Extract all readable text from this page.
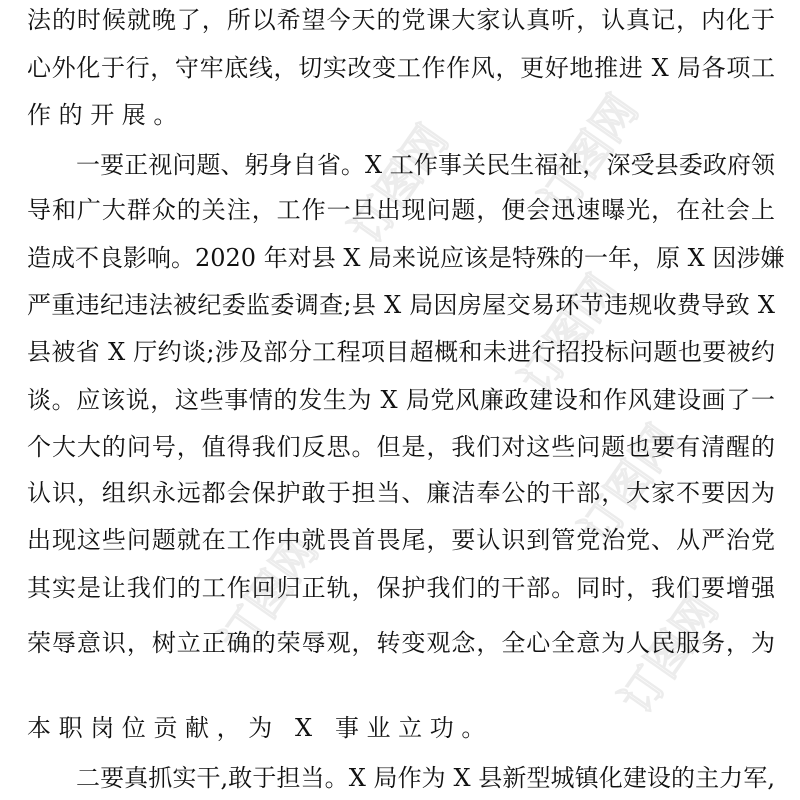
订图网 订图网
订图网
订图网
订图网	订图网
法的时候就晚了，所以希望今天的党课大家认真听，认真记，内化于
心外化于行，守牢底线，切实改变工作作风，更好地推进 X 局各项工
作的开展。
一要正视问题、躬身自省。X 工作事关民生福祉，深受县委政府领
导和广大群众的关注，工作一旦出现问题，便会迅速曝光，在社会上
造成不良影响。2020 年对县 X 局来说应该是特殊的一年，原 X 因涉嫌
严重违纪违法被纪委监委调查;县 X 局因房屋交易环节违规收费导致 X
县被省 X 厅约谈;涉及部分工程项目超概和未进行招投标问题也要被约
谈。应该说，这些事情的发生为 X 局党风廉政建设和作风建设画了一
个大大的问号，值得我们反思。但是，我们对这些问题也要有清醒的
认识，组织永远都会保护敢于担当、廉洁奉公的干部，大家不要因为
出现这些问题就在工作中就畏首畏尾，要认识到管党治党、从严治党
其实是让我们的工作回归正轨，保护我们的干部。同时，我们要增强
荣辱意识，树立正确的荣辱观，转变观念，全心全意为人民服务，为
本职岗位贡献，为 X 事业立功。
二要真抓实干,敢于担当。X 局作为 X 县新型城镇化建设的主力军,
